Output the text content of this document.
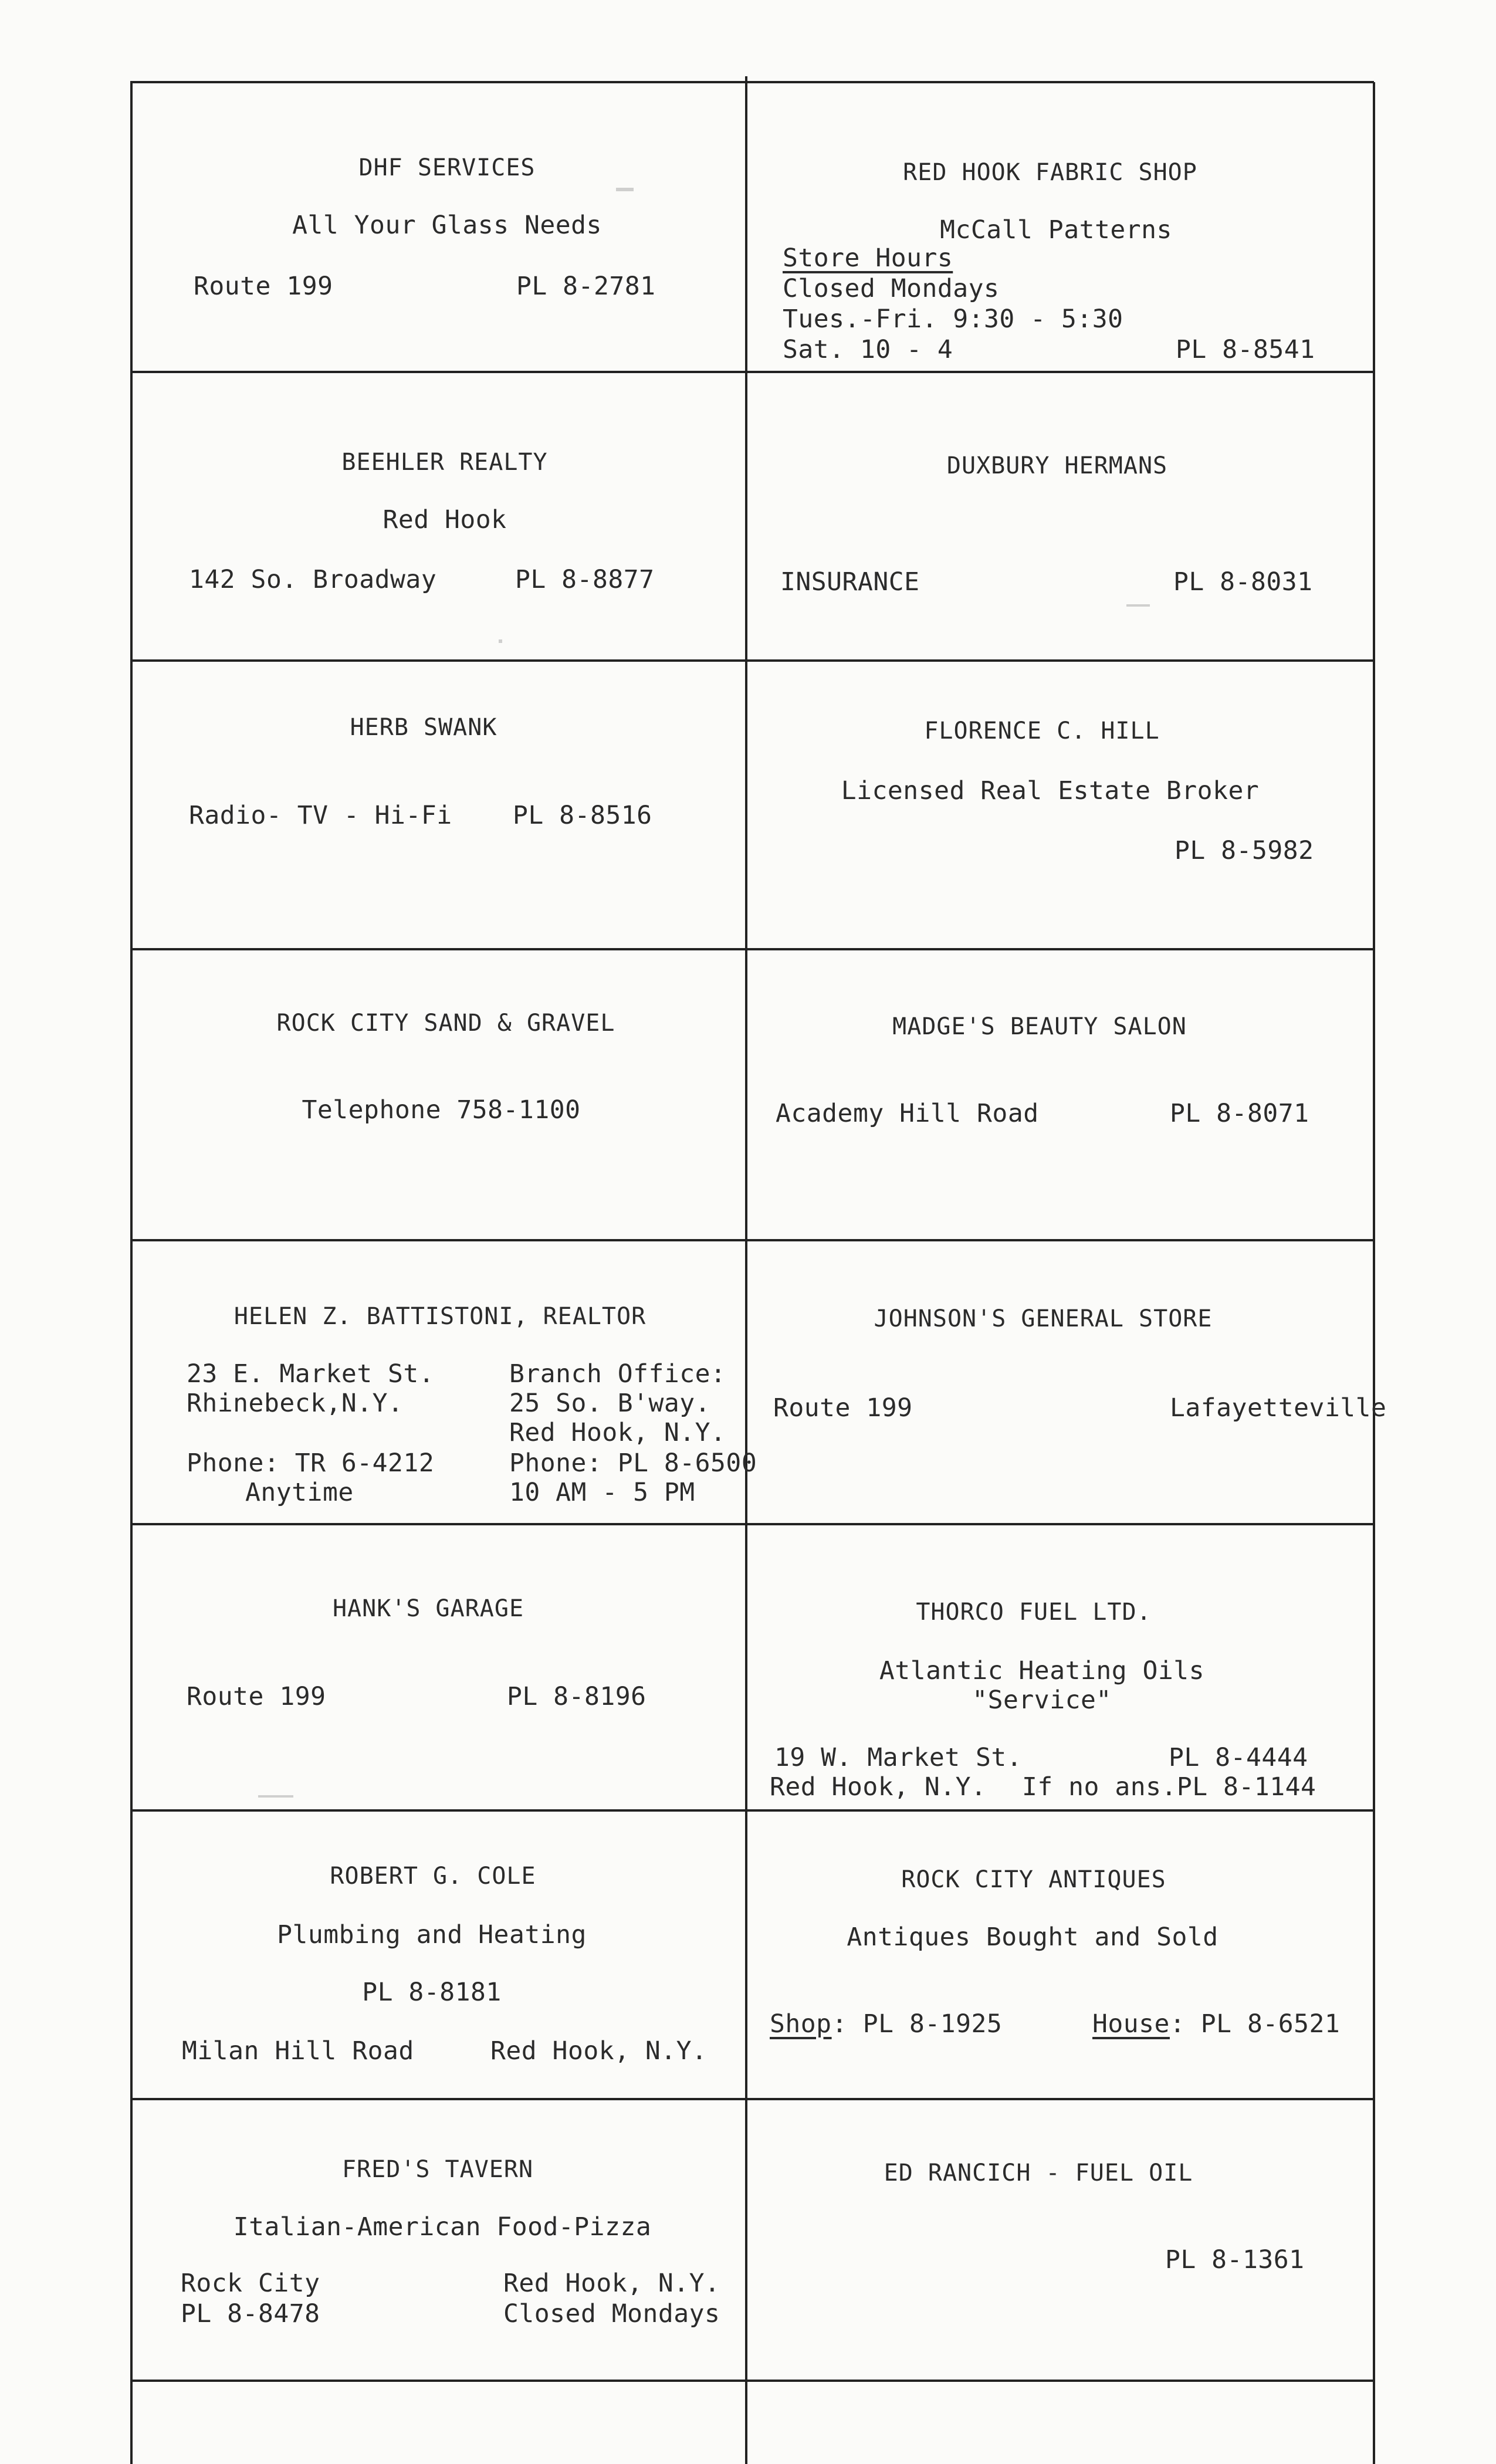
DHF SERVICES
All Your Glass Needs
Route 199	PL 8-2781
RED HOOK FABRIC SHOP
McCall Patterns
Store Hours
Closed Mondays
Tues.-Fri. 9:30 - 5:30
Sat. 10 - 4	PL 8-8541
BEEHLER REALTY
Red Hook
142 So. Broadway	PL 8-8877
DUXBURY HERMANS
INSURANCE	PL 8-8031
HERB SWANK
Radio- TV - Hi-Fi PL 8-8516
FLORENCE C. HILL
Licensed Real Estate Broker
PL 8-5982
ROCK CITY SAND & GRAVEL
Telephone 758-1100
MADGE'S BEAUTY SALON
Academy Hill Road	PL 8-8071
HELEN Z. BATTISTONI, REALTOR
23 E. Market St.
Rhinebeck,N.Y.
Phone: TR 6-4212
Anytime
Branch Office:
25 So. B'way.
Red Hook, N.Y.
Phone: PL 8-6500
10 AM - 5 PM
JOHNSON'S GENERAL STORE
Route 199	Lafayetteville
HANK'S GARAGE
Route 199	PL 8-8196
THORCO FUEL LTD.
Atlantic Heating Oils
"Service"
19 W. Market St.	PL 8-4444
Red Hook, N.Y. If no ans.PL 8-1144
ROBERT G. COLE
Plumbing and Heating
PL 8-8181
Milan Hill Road	Red Hook, N.Y.
ROCK CITY ANTIQUES
Antiques Bought and Sold
Shop : PL 8-1925	House : PL 8-6521
FRED'S TAVERN
Italian-American Food-Pizza
Rock City
PL 8-8478
Red Hook, N.Y.
Closed Mondays
ED RANCICH - FUEL OIL
PL 8-1361
